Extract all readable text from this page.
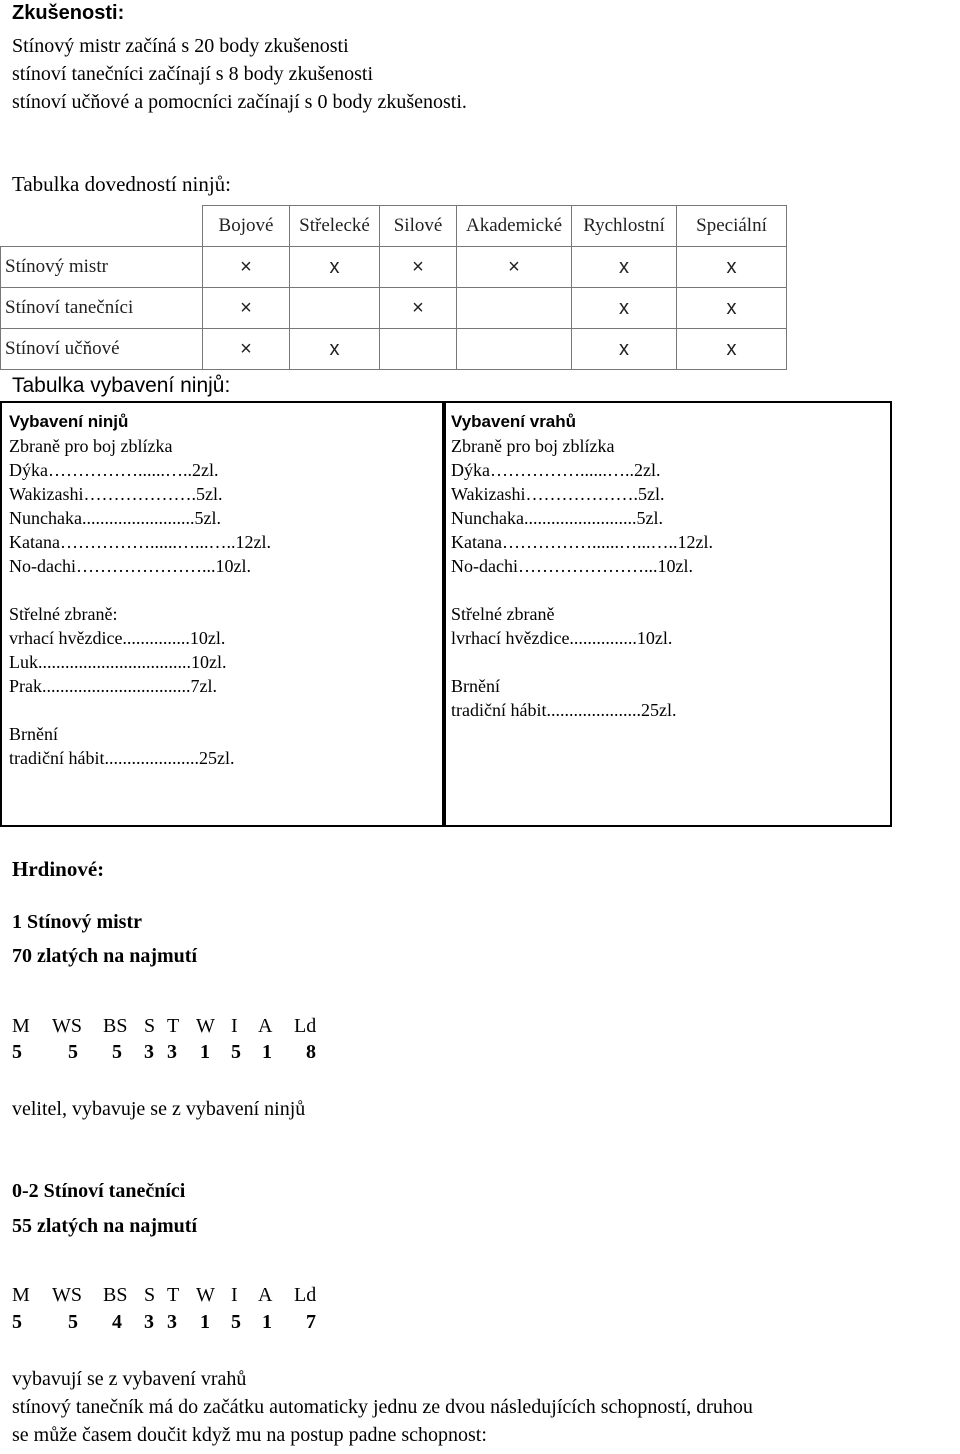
Zkušenosti:
Stínový mistr začíná s 20 body zkušenosti
stínoví tanečníci začínají s 8 body zkušenosti
stínoví učňové a pomocníci začínají s 0 body zkušenosti.
Tabulka dovedností ninjů:
	Bojové	Střelecké	Silové	Akademické	Rychlostní	Speciální
Stínový mistr	×	x	×	×	x	x
Stínoví tanečníci	×		×		x	x
Stínoví učňové	×	x			x	x
Tabulka vybavení ninjů:
Vybavení ninjů
Zbraně pro boj zblízka
Dýka……………......…..2zl.
Wakizashi……………….5zl.
Nunchaka.........................5zl.
Katana……………......…...…..12zl.
No-dachi…………………...10zl.
Střelné zbraně:
vrhací hvězdice...............10zl.
Luk..................................10zl.
Prak.................................7zl.
Brnění
tradiční hábit.....................25zl.
Vybavení vrahů
Zbraně pro boj zblízka
Dýka……………......…..2zl.
Wakizashi……………….5zl.
Nunchaka.........................5zl.
Katana……………......…...…..12zl.
No-dachi…………………...10zl.
Střelné zbraně
lvrhací hvězdice...............10zl.
Brnění
tradiční hábit.....................25zl.
Hrdinové:
1 Stínový mistr
70 zlatých na najmutí
M WS BS S T W I A Ld
5 5 5 3 3 1 5 1 8
velitel, vybavuje se z vybavení ninjů
0-2 Stínoví tanečníci
55 zlatých na najmutí
M WS BS S T W I A Ld
5 5 4 3 3 1 5 1 7
vybavují se z vybavení vrahů
stínový tanečník má do začátku automaticky jednu ze dvou následujících schopností, druhou
se může časem doučit když mu na postup padne schopnost:
